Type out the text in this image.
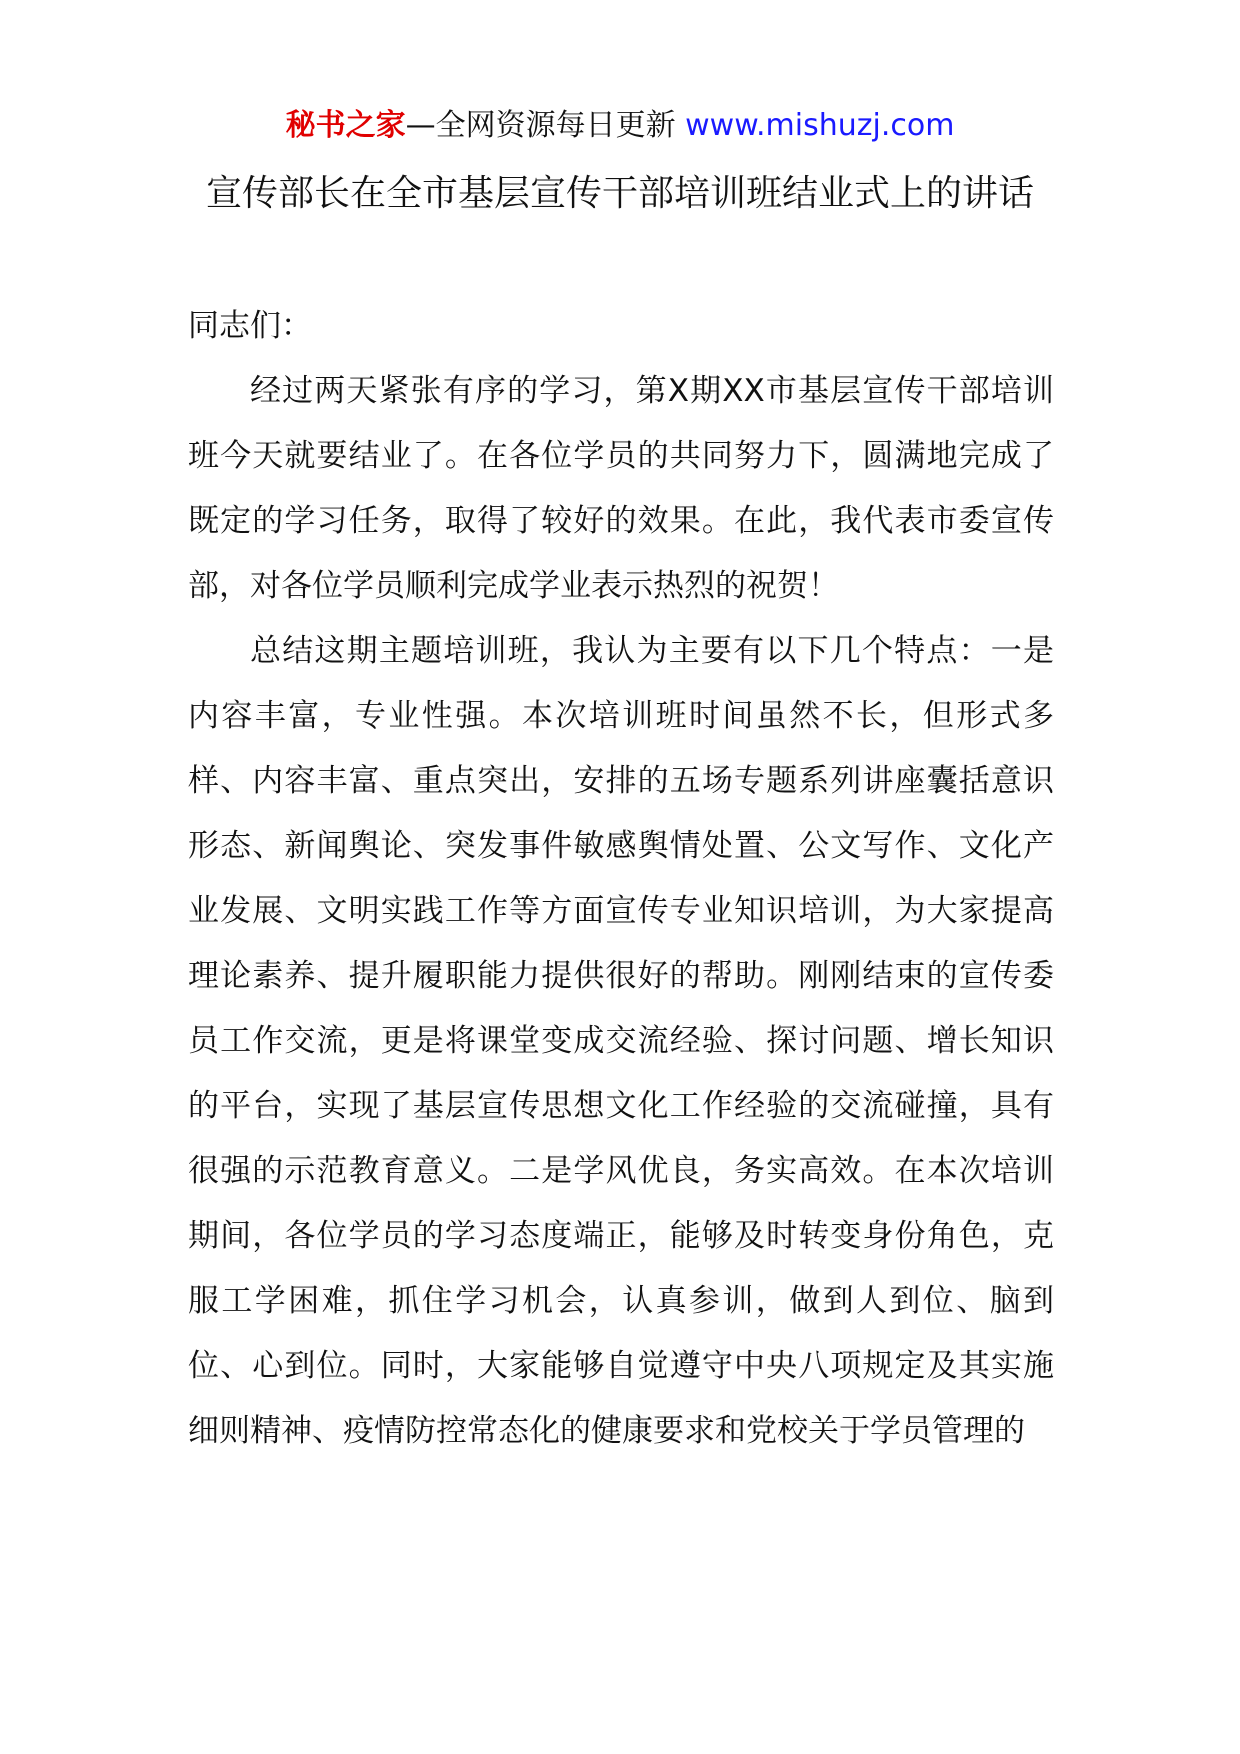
秘书之家—全网资源每日更新 www.mishuzj.com
宣传部长在全市基层宣传干部培训班结业式上的讲话

同志们：

经过两天紧张有序的学习，第X期XX市基层宣传干部培训班今天就要结业了。在各位学员的共同努力下，圆满地完成了既定的学习任务，取得了较好的效果。在此，我代表市委宣传部，对各位学员顺利完成学业表示热烈的祝贺！

总结这期主题培训班，我认为主要有以下几个特点：一是内容丰富，专业性强。本次培训班时间虽然不长，但形式多样、内容丰富、重点突出，安排的五场专题系列讲座囊括意识形态、新闻舆论、突发事件敏感舆情处置、公文写作、文化产业发展、文明实践工作等方面宣传专业知识培训，为大家提高理论素养、提升履职能力提供很好的帮助。刚刚结束的宣传委员工作交流，更是将课堂变成交流经验、探讨问题、增长知识的平台，实现了基层宣传思想文化工作经验的交流碰撞，具有很强的示范教育意义。二是学风优良，务实高效。在本次培训期间，各位学员的学习态度端正，能够及时转变身份角色，克服工学困难，抓住学习机会，认真参训，做到人到位、脑到位、心到位。同时，大家能够自觉遵守中央八项规定及其实施细则精神、疫情防控常态化的健康要求和党校关于学员管理的
